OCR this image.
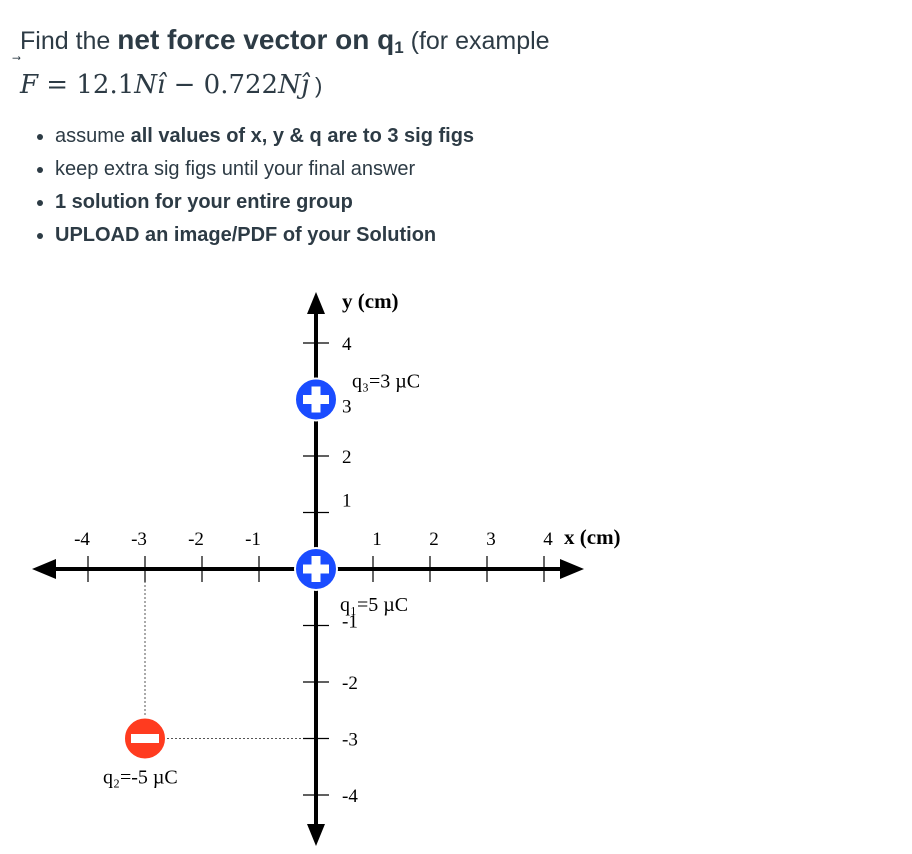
Find the net force vector on $q_1$ (for example
F
= 12.1Nî − 0.722Nĵ )
• assume all values of x, y & q are to 3 sig figs
• keep extra sig figs until your final answer
• 1 solution for your entire group
• UPLOAD an image/PDF of your Solution
-4 -3 -2 -1	1	2	3	4
4
3
2
1
-1
-2
-3
-4
q₁=5 µC
q₂=-5 µC
q₃=3 µC
x (cm)
y (cm)
